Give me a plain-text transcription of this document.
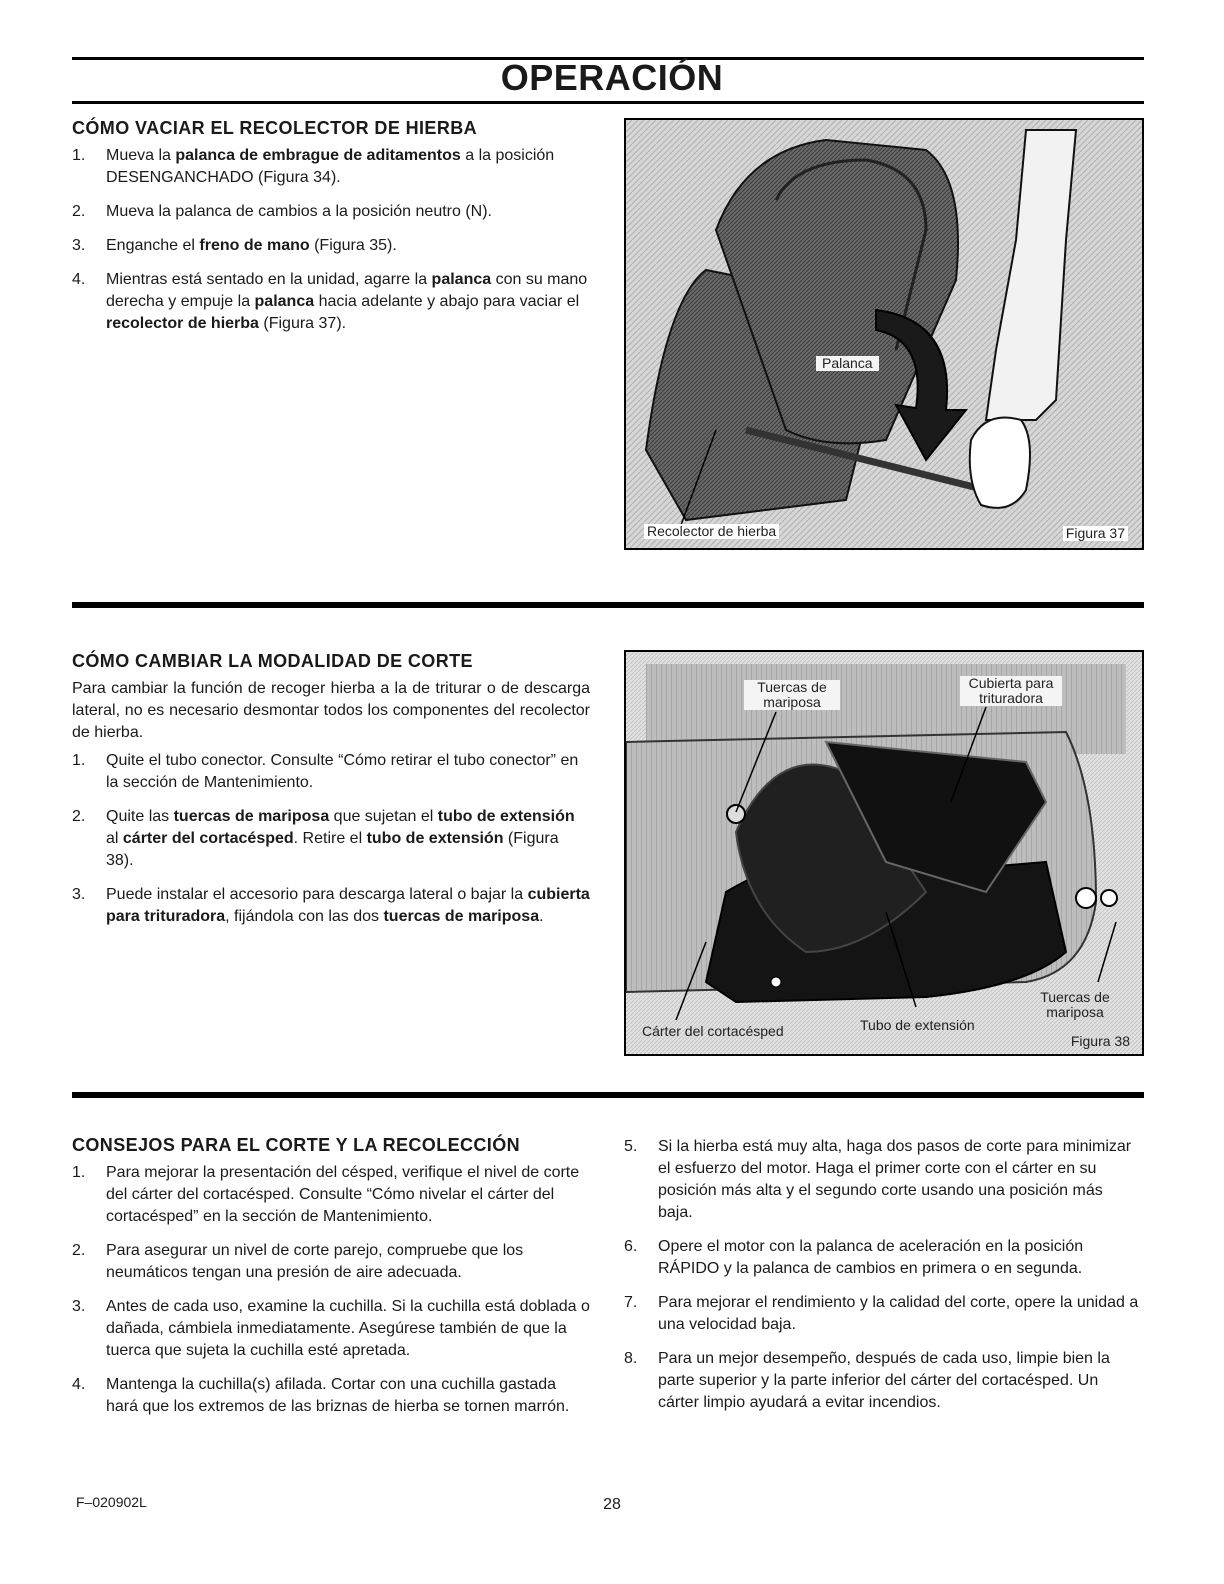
OPERACIÓN
CÓMO VACIAR EL RECOLECTOR DE HIERBA
1. Mueva la palanca de embrague de aditamentos a la posición DESENGANCHADO (Figura 34).
2. Mueva la palanca de cambios a la posición neutro (N).
3. Enganche el freno de mano (Figura 35).
4. Mientras está sentado en la unidad, agarre la palanca con su mano derecha y empuje la palanca hacia adelante y abajo para vaciar el recolector de hierba (Figura 37).
Palanca
Recolector de hierba	Figura 37
CÓMO CAMBIAR LA MODALIDAD DE CORTE

Para cambiar la función de recoger hierba a la de triturar o de descarga lateral, no es necesario desmontar todos los componentes del recolector de hierba.

1. Quite el tubo conector. Consulte “Cómo retirar el tubo conector” en la sección de Mantenimiento.
2. Quite las tuercas de mariposa que sujetan el tubo de extensión al cárter del cortacésped. Retire el tubo de extensión (Figura 38).
3. Puede instalar el accesorio para descarga lateral o bajar la cubierta para trituradora, fijándola con las dos tuercas de mariposa.
Tuercas de mariposa
Cubierta para trituradora
Tuercas de mariposa
Cárter del cortacésped	Tubo de extensión
Figura 38
CONSEJOS PARA EL CORTE Y LA RECOLECCIÓN
1. Para mejorar la presentación del césped, verifique el nivel de corte del cárter del cortacésped. Consulte “Cómo nivelar el cárter del cortacésped” en la sección de Mantenimiento.
2. Para asegurar un nivel de corte parejo, compruebe que los neumáticos tengan una presión de aire adecuada.
3. Antes de cada uso, examine la cuchilla. Si la cuchilla está doblada o dañada, cámbiela inmediatamente. Asegúrese también de que la tuerca que sujeta la cuchilla esté apretada.
4. Mantenga la cuchilla(s) afilada. Cortar con una cuchilla gastada hará que los extremos de las briznas de hierba se tornen marrón.
5. Si la hierba está muy alta, haga dos pasos de corte para minimizar el esfuerzo del motor. Haga el primer corte con el cárter en su posición más alta y el segundo corte usando una posición más baja.
6. Opere el motor con la palanca de aceleración en la posición RÁPIDO y la palanca de cambios en primera o en segunda.
7. Para mejorar el rendimiento y la calidad del corte, opere la unidad a una velocidad baja.
8. Para un mejor desempeño, después de cada uso, limpie bien la parte superior y la parte inferior del cárter del cortacésped. Un cárter limpio ayudará a evitar incendios.
F–020902L	28
